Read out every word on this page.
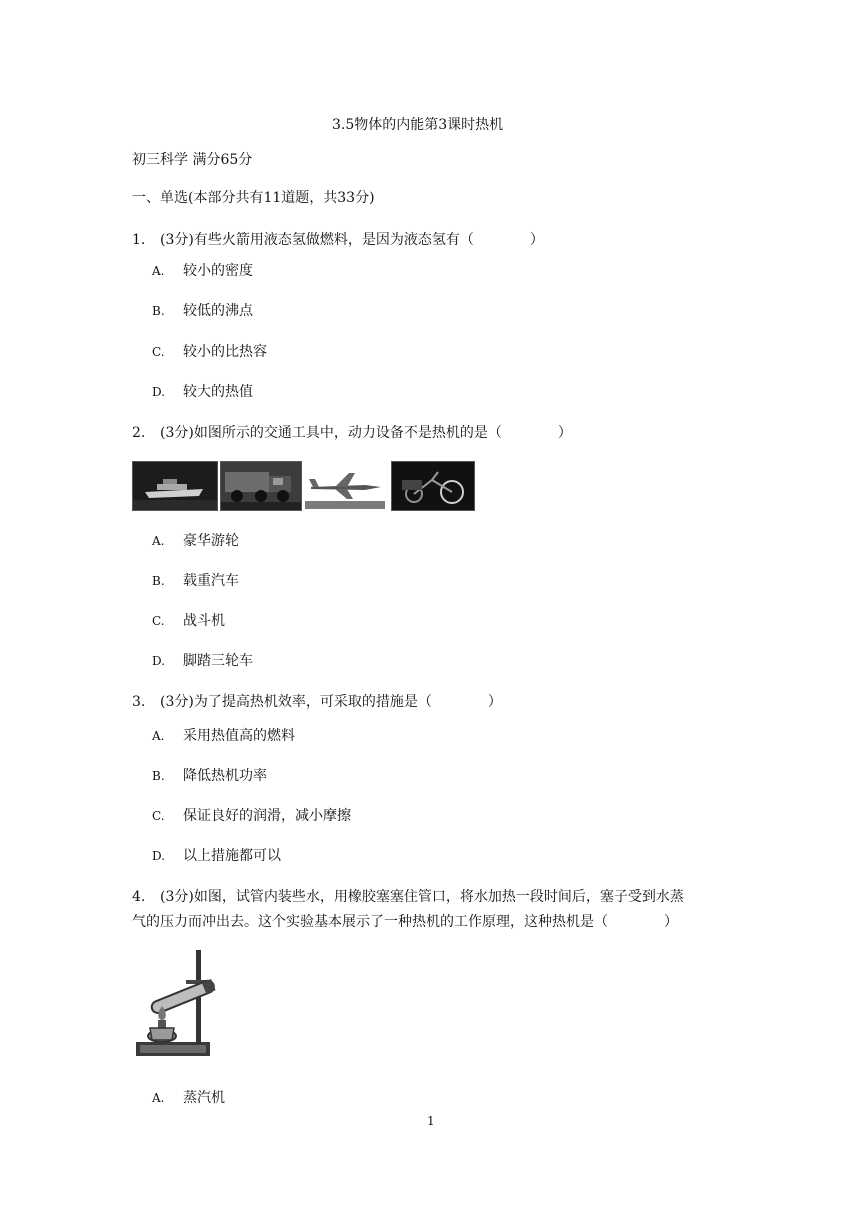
3.5物体的内能第3课时热机
初三科学 满分65分
一、单选(本部分共有11道题，共33分)
1. (3分)有些火箭用液态氢做燃料，是因为液态氢有（　　　　）
A. 较小的密度
B. 较低的沸点
C. 较小的比热容
D. 较大的热值
2. (3分)如图所示的交通工具中，动力设备不是热机的是（　　　　）
A. 豪华游轮
B. 载重汽车
C. 战斗机
D. 脚踏三轮车
3. (3分)为了提高热机效率，可采取的措施是（　　　　）
A. 采用热值高的燃料
B. 降低热机功率
C. 保证良好的润滑，减小摩擦
D. 以上措施都可以
4. (3分)如图，试管内装些水，用橡胶塞塞住管口，将水加热一段时间后，塞子受到水蒸
气的压力而冲出去。这个实验基本展示了一种热机的工作原理，这种热机是（　　　　）
A. 蒸汽机
1
